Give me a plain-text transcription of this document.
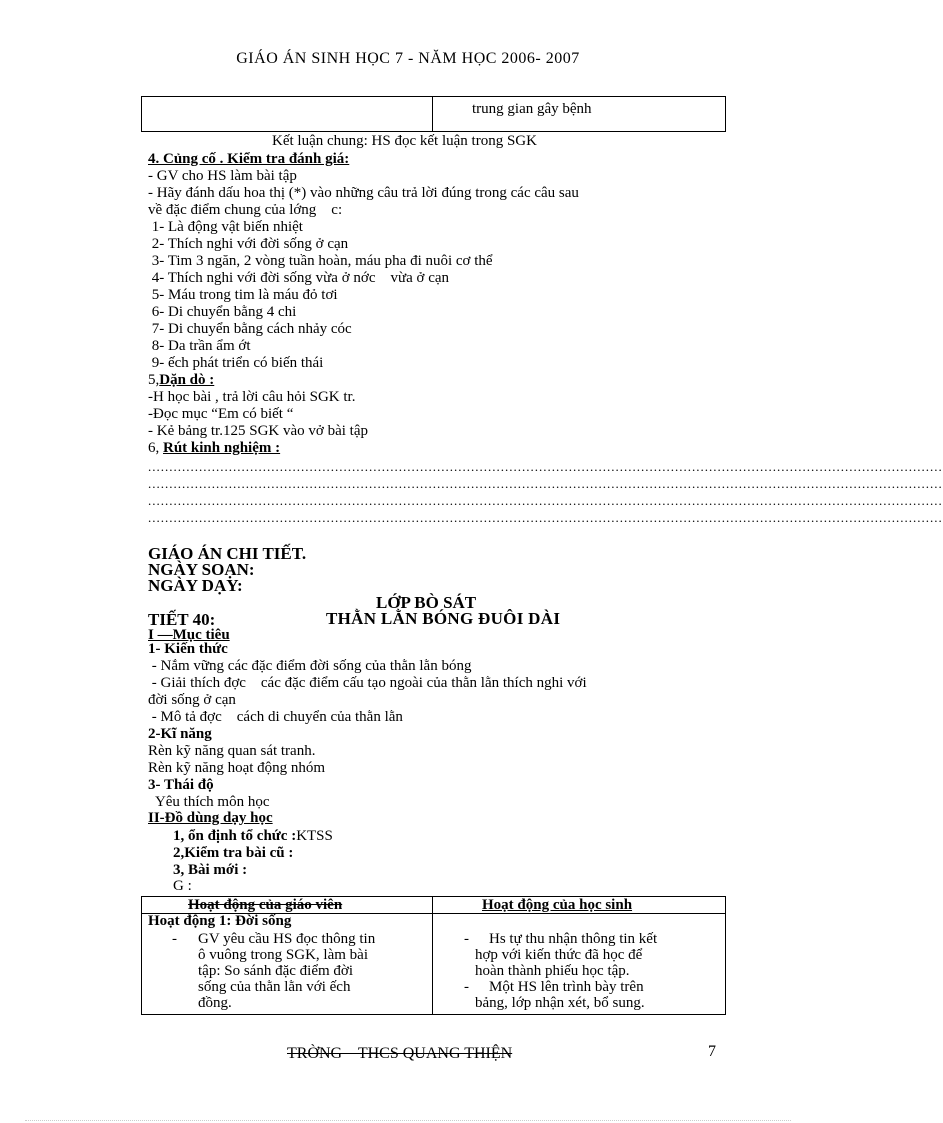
GIÁO ÁN SINH HỌC 7 - NĂM HỌC 2006- 2007
trung gian gây bệnh
Kết luận chung: HS đọc kết luận trong SGK
4. Củng cố . Kiểm tra đánh giá:
- GV cho HS làm bài tập
- Hãy đánh dấu hoa thị (*) vào những câu trả lời đúng trong các câu sau
về đặc điểm chung của lớng    c:
1- Là động vật biến nhiệt
2- Thích nghi với đời sống ở cạn
3- Tim 3 ngăn, 2 vòng tuần hoàn, máu pha đi nuôi cơ thể
4- Thích nghi với đời sống vừa ở nớc    vừa ở cạn
5- Máu trong tim là máu đỏ tơi
6- Di chuyển bằng 4 chi
7- Di chuyển bằng cách nhảy cóc
8- Da trần ẩm ớt
9- ếch phát triển có biến thái
5,Dặn dò :
-H học bài , trả lời câu hỏi SGK tr.
-Đọc mục “Em có biết “
- Kẻ bảng tr.125 SGK vào vở bài tập
6, Rút kinh nghiệm :
...........................................................................................................................................................................................
...........................................................................................................................................................................................
...........................................................................................................................................................................................
...........................................................................................................................................................................................
GIÁO ÁN CHI TIẾT.
NGÀY SOẠN:
NGÀY DẠY:
LỚP BÒ SÁT
TIẾT 40:	THẰN LẰN BÓNG ĐUÔI DÀI
I —Mục tiêu
1- Kiến thức
- Nắm vững các đặc điểm đời sống của thằn lằn bóng
- Giải thích đợc    các đặc điểm cấu tạo ngoài của thằn lằn thích nghi với
đời sống ở cạn
- Mô tả đợc    cách di chuyển của thằn lằn
2-Kĩ năng
Rèn kỹ năng quan sát tranh.
Rèn kỹ năng hoạt động nhóm
3- Thái độ
Yêu thích môn học
II-Đồ dùng dạy học
1, ổn định tổ chức :KTSS
2,Kiểm tra bài cũ :
3, Bài mới :
G :
Hoạt động của giáo viên	Hoạt động của học sinh
Hoạt động 1: Đời sống
- GV yêu cầu HS đọc thông tin
ô vuông trong SGK, làm bài
tập: So sánh đặc điểm đời
sống của thằn lằn với ếch
đồng.
- Hs tự thu nhận thông tin kết
hợp với kiến thức đã học để
hoàn thành phiếu học tập.
- Một HS lên trình bày trên
bảng, lớp nhận xét, bổ sung.
TRỜNG    THCS QUANG THIỆN	7
